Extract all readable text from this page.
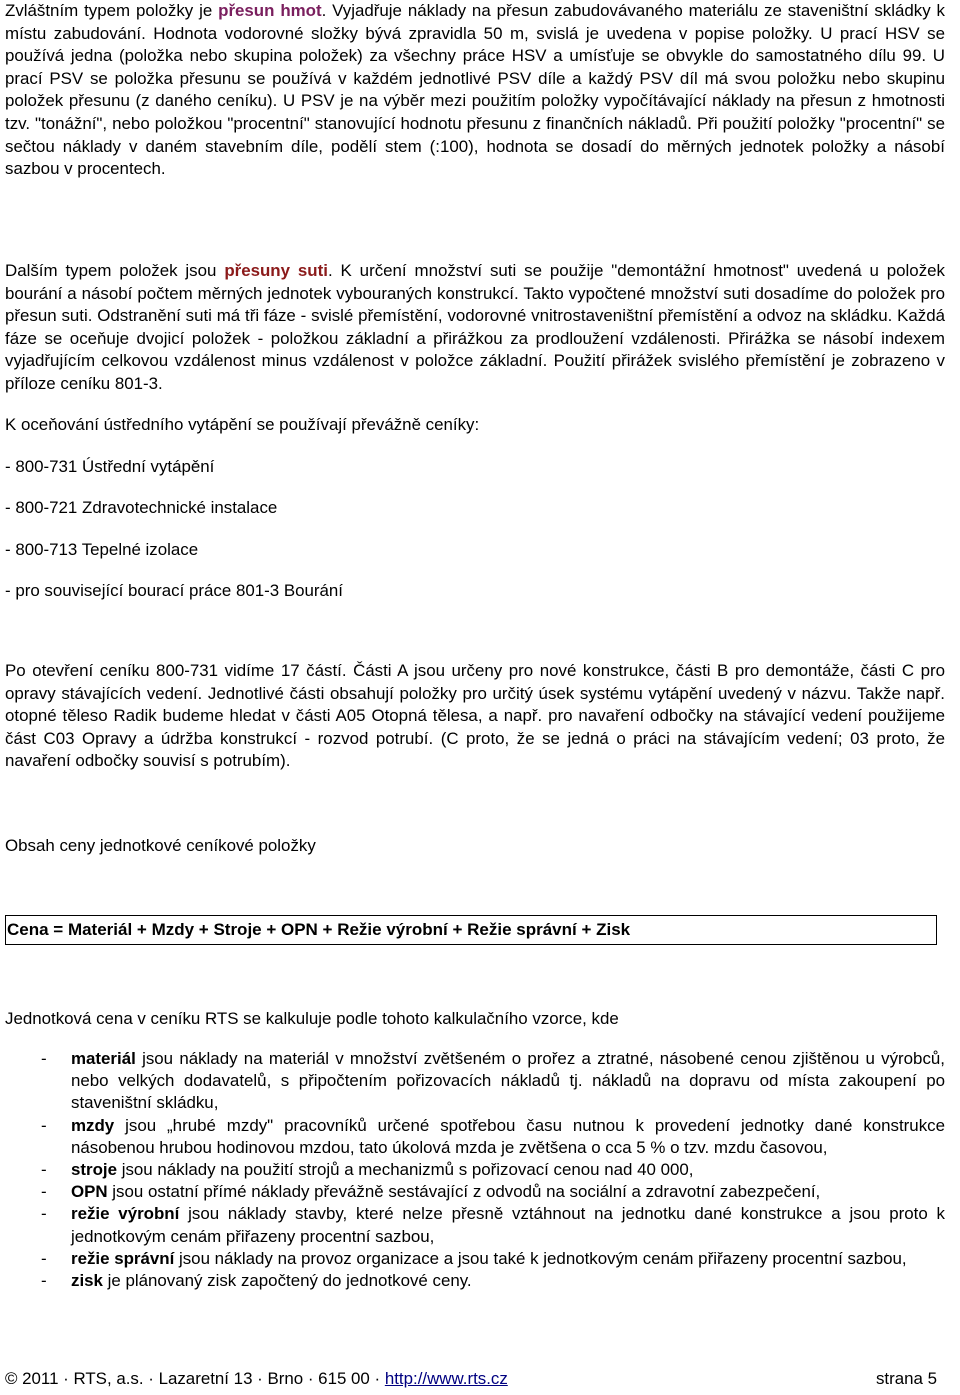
Zvláštním typem položky je přesun hmot. Vyjadřuje náklady na přesun zabudovávaného materiálu ze staveništní skládky k místu zabudování. Hodnota vodorovné složky bývá zpravidla 50 m, svislá je uvedena v popise položky. U prací HSV se používá jedna (položka nebo skupina položek) za všechny práce HSV a umísťuje se obvykle do samostatného dílu 99. U prací PSV se položka přesunu se používá v každém jednotlivé PSV díle a každý PSV díl má svou položku nebo skupinu položek přesunu (z daného ceníku). U PSV je na výběr mezi použitím položky vypočítávající náklady na přesun z hmotnosti tzv. "tonážní", nebo položkou "procentní" stanovující hodnotu přesunu z finančních nákladů. Při použití položky "procentní" se sečtou náklady v daném stavebním díle, podělí stem (:100), hodnota se dosadí do měrných jednotek položky a násobí sazbou v procentech.

Dalším typem položek jsou přesuny suti. K určení množství suti se použije "demontážní hmotnost" uvedená u položek bourání a násobí počtem měrných jednotek vybouraných konstrukcí. Takto vypočtené množství suti dosadíme do položek pro přesun suti. Odstranění suti má tři fáze - svislé přemístění, vodorovné vnitrostaveništní přemístění a odvoz na skládku. Každá fáze se oceňuje dvojicí položek - položkou základní a přirážkou za prodloužení vzdálenosti. Přirážka se násobí indexem vyjadřujícím celkovou vzdálenost minus vzdálenost v položce základní. Použití přirážek svislého přemístění je zobrazeno v příloze ceníku 801-3.

K oceňování ústředního vytápění se používají převážně ceníky:

- 800-731 Ústřední vytápění

- 800-721 Zdravotechnické instalace

- 800-713 Tepelné izolace

- pro související bourací práce 801-3 Bourání

Po otevření ceníku 800-731 vidíme 17 částí. Části A jsou určeny pro nové konstrukce, části B pro demontáže, části C pro opravy stávajících vedení. Jednotlivé části obsahují položky pro určitý úsek systému vytápění uvedený v názvu. Takže např. otopné těleso Radik budeme hledat v části A05 Otopná tělesa, a např. pro navaření odbočky na stávající vedení použijeme část C03 Opravy a údržba konstrukcí - rozvod potrubí. (C proto, že se jedná o práci na stávajícím vedení; 03 proto, že navaření odbočky souvisí s potrubím).

Obsah ceny jednotkové ceníkové položky

Cena = Materiál + Mzdy + Stroje + OPN + Režie výrobní + Režie správní + Zisk

Jednotková cena v ceníku RTS se kalkuluje podle tohoto kalkulačního vzorce, kde

- materiál jsou náklady na materiál v množství zvětšeném o prořez a ztratné, násobené cenou zjištěnou u výrobců, nebo velkých dodavatelů, s připočtením pořizovacích nákladů tj. nákladů na dopravu od místa zakoupení po staveništní skládku,
- mzdy jsou „hrubé mzdy" pracovníků určené spotřebou času nutnou k provedení jednotky dané konstrukce násobenou hrubou hodinovou mzdou, tato úkolová mzda je zvětšena o cca 5 % o tzv. mzdu časovou,
- stroje jsou náklady na použití strojů a mechanizmů s pořizovací cenou nad 40 000,
- OPN jsou ostatní přímé náklady převážně sestávající z odvodů na sociální a zdravotní zabezpečení,
- režie výrobní jsou náklady stavby, které nelze přesně vztáhnout na jednotku dané konstrukce a jsou proto k jednotkovým cenám přiřazeny procentní sazbou,
- režie správní jsou náklady na provoz organizace a jsou také k jednotkovým cenám přiřazeny procentní sazbou,
- zisk je plánovaný zisk započtený do jednotkové ceny.
© 2011 · RTS, a.s. · Lazaretní 13 · Brno · 615 00 · http://www.rts.cz	strana 5
